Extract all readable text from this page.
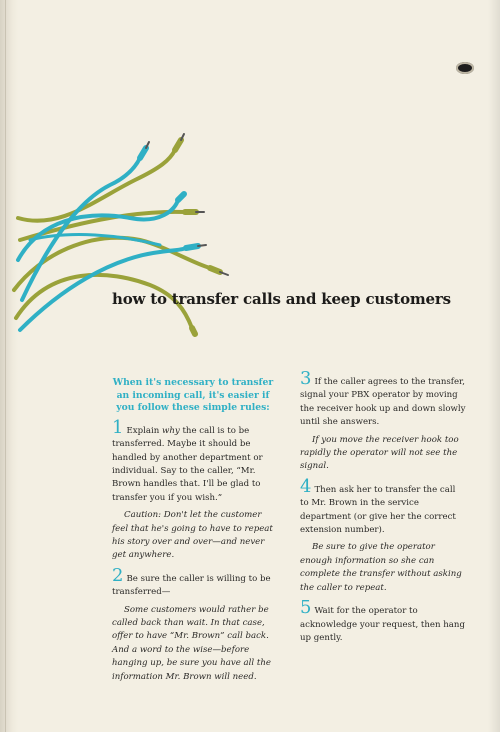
how to transfer calls and keep customers

When it's necessary to transfer an incoming call, it's easier if you follow these simple rules:

1 Explain why the call is to be transferred. Maybe it should be handled by another department or individual. Say to the caller, “Mr. Brown handles that. I'll be glad to transfer you if you wish.”

Caution: Don't let the customer feel that he's going to have to repeat his story over and over—and never get anywhere.

2 Be sure the caller is willing to be transferred—

Some customers would rather be called back than wait. In that case, offer to have “Mr. Brown” call back. And a word to the wise—before hanging up, be sure you have all the information Mr. Brown will need.

3 If the caller agrees to the transfer, signal your PBX operator by moving the receiver hook up and down slowly until she answers.

If you move the receiver hook too rapidly the operator will not see the signal.

4 Then ask her to transfer the call to Mr. Brown in the service department (or give her the correct extension number).

Be sure to give the operator enough information so she can complete the transfer without asking the caller to repeat.

5 Wait for the operator to acknowledge your request, then hang up gently.
